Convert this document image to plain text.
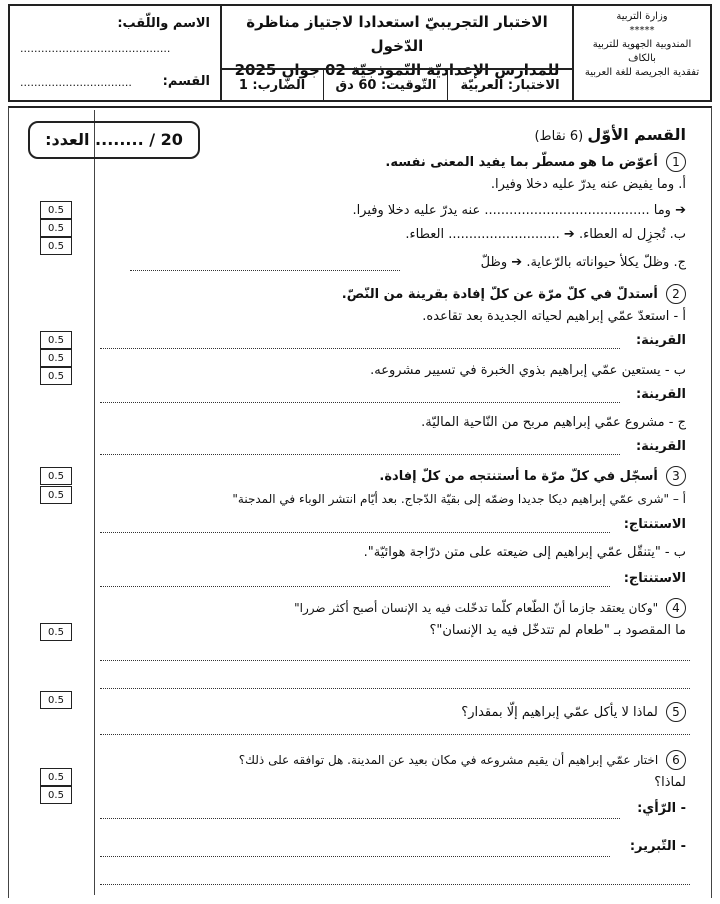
وزارة التربية
*****
المندوبية الجهوية للتربية
بالكاف
تفقدية الجريصة للغة العربية
الاختبار التجريبيّ استعدادا لاجتياز مناظرة الدّخول
للمدارس الإعداديّة النّموذجيّة 02 جوان 2025
الاختبار: العربيّة
التّوقيت: 60 دق
الضّارب: 1
الاسم واللّقب:
...........................................
القسم:
................................
العدد: ........ / 20	القسم الأوّل (6 نقاط)
0.5
0.5
0.5
0.5
0.5
0.5
0.5
0.5
0.5
0.5
0.5
0.5
1 أعوّض ما هو مسطّر بما يفيد المعنى نفسه.
أ. وما يفيض عنه يدرّ عليه دخلا وفيرا.
➔ وما ........................................ عنه يدرّ عليه دخلا وفيرا.
ب. تُجزِل له العطاء. ➔ ........................... العطاء.
ج. وظلّ يكلأ حيواناته بالرّعاية. ➔ وظلّ
2 أستدلّ في كلّ مرّة عن كلّ إفادة بقرينة من النّصّ.
أ - استعدّ عمّي إبراهيم لحياته الجديدة بعد تقاعده.
القرينة:
ب - يستعين عمّي إبراهيم بذوي الخبرة في تسيير مشروعه.
القرينة:
ج - مشروع عمّي إبراهيم مربح من النّاحية الماليّة.
القرينة:
3 أسجّل في كلّ مرّة ما أستنتجه من كلّ إفادة.
أ – "شرى عمّي إبراهيم ديكا جديدا وضمّه إلى بقيّة الدّجاج. بعد أيّام انتشر الوباء في المدجنة"
الاستنتاج:
ب - "يتنقّل عمّي إبراهيم إلى ضيعته على متن درّاجة هوائيّة".
الاستنتاج:
4 "وكان يعتقد جازما أنّ الطّعام كلّما تدخّلت فيه يد الإنسان أصبح أكثر ضررا"
ما المقصود بـ "طعام لم تتدخّل فيه يد الإنسان"؟
5 لماذا لا يأكل عمّي إبراهيم إلّا بمقدار؟
6 اختار عمّي إبراهيم أن يقيم مشروعه في مكان بعيد عن المدينة. هل توافقه على ذلك؟
لماذا؟
- الرّأي:
- التّبرير:
